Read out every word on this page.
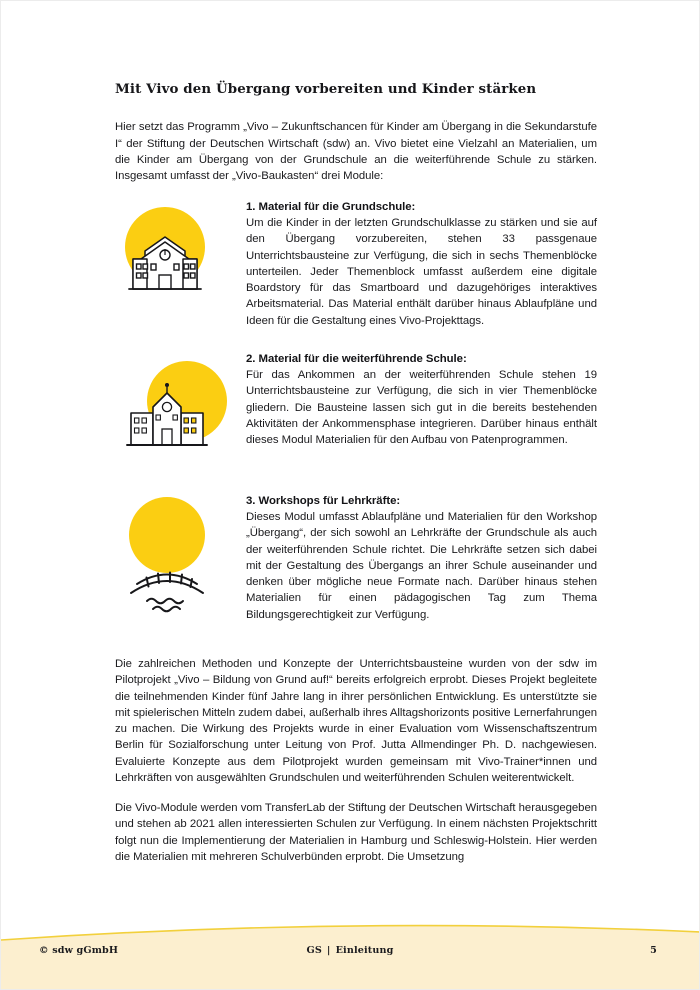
Mit Vivo den Übergang vorbereiten und Kinder stärken

Hier setzt das Programm „Vivo – Zukunftschancen für Kinder am Übergang in die Sekundarstufe I“ der Stiftung der Deutschen Wirtschaft (sdw) an. Vivo bietet eine Vielzahl an Materialien, um die Kinder am Übergang von der Grundschule an die weiterführende Schule zu stärken. Insgesamt umfasst der „Vivo-Baukasten“ drei Module:

1. Material für die Grundschule:
Um die Kinder in der letzten Grundschulklasse zu stärken und sie auf den Übergang vorzubereiten, stehen 33 passgenaue Unterrichtsbausteine zur Verfügung, die sich in sechs Themenblöcke unterteilen. Jeder Themenblock umfasst außerdem eine digitale Boardstory für das Smartboard und dazugehöriges interaktives Arbeitsmaterial. Das Material enthält darüber hinaus Ablaufpläne und Ideen für die Gestaltung eines Vivo-Projekttags.
2. Material für die weiterführende Schule:
Für das Ankommen an der weiterführenden Schule stehen 19 Unterrichtsbausteine zur Verfügung, die sich in vier Themenblöcke gliedern. Die Bausteine lassen sich gut in die bereits bestehenden Aktivitäten der Ankommensphase integrieren. Darüber hinaus enthält dieses Modul Materialien für den Aufbau von Patenprogrammen.
3. Workshops für Lehrkräfte:
Dieses Modul umfasst Ablaufpläne und Materialien für den Workshop „Übergang“, der sich sowohl an Lehrkräfte der Grundschule als auch der weiterführenden Schule richtet. Die Lehrkräfte setzen sich dabei mit der Gestaltung des Übergangs an ihrer Schule auseinander und denken über mögliche neue Formate nach. Darüber hinaus stehen Materialien für einen pädagogischen Tag zum Thema Bildungsgerechtigkeit zur Verfügung.

Die zahlreichen Methoden und Konzepte der Unterrichtsbausteine wurden von der sdw im Pilotprojekt „Vivo – Bildung von Grund auf!“ bereits erfolgreich erprobt. Dieses Projekt begleitete die teilnehmenden Kinder fünf Jahre lang in ihrer persönlichen Entwicklung. Es unterstützte sie mit spielerischen Mitteln zudem dabei, außerhalb ihres Alltagshorizonts positive Lernerfahrungen zu machen. Die Wirkung des Projekts wurde in einer Evaluation vom Wissenschaftszentrum Berlin für Sozialforschung unter Leitung von Prof. Jutta Allmendinger Ph. D. nachgewiesen. Evaluierte Konzepte aus dem Pilotprojekt wurden gemeinsam mit Vivo-Trainer*innen und Lehrkräften von ausgewählten Grundschulen und weiterführenden Schulen weiterentwickelt.

Die Vivo-Module werden vom TransferLab der Stiftung der Deutschen Wirtschaft herausgegeben und stehen ab 2021 allen interessierten Schulen zur Verfügung. In einem nächsten Projektschritt folgt nun die Implementierung der Materialien in Hamburg und Schleswig-Holstein. Hier werden die Materialien mit mehreren Schulverbünden erprobt. Die Umsetzung

© sdw gGmbH	GS | Einleitung	5
